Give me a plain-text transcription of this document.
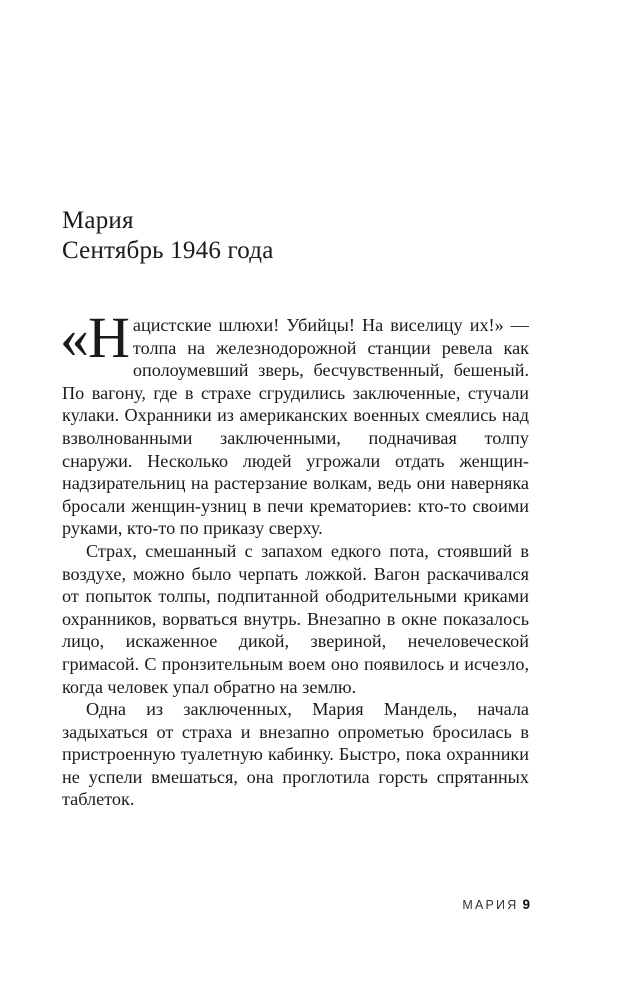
Мария
Сентябрь 1946 года

«Нацистские шлюхи! Убийцы! На виселицу их!» — толпа на железнодорожной станции ревела как ополоумевший зверь, бесчувственный, бешеный. По вагону, где в страхе сгрудились заключенные, стучали кулаки. Охранники из американских военных смеялись над взволнованными заключенными, подначивая толпу снаружи. Несколько людей угрожали отдать женщин-надзирательниц на растерзание волкам, ведь они наверняка бросали женщин-узниц в печи крематориев: кто-то своими руками, кто-то по приказу сверху.

Страх, смешанный с запахом едкого пота, стоявший в воздухе, можно было черпать ложкой. Вагон раскачивался от попыток толпы, подпитанной ободрительными криками охранников, ворваться внутрь. Внезапно в окне показалось лицо, искаженное дикой, звериной, нечеловеческой гримасой. С пронзительным воем оно появилось и исчезло, когда человек упал обратно на землю.

Одна из заключенных, Мария Мандель, начала задыхаться от страха и внезапно опрометью бросилась в пристроенную туалетную кабинку. Быстро, пока охранники не успели вмешаться, она проглотила горсть спрятанных таблеток.

МАРИЯ 9
